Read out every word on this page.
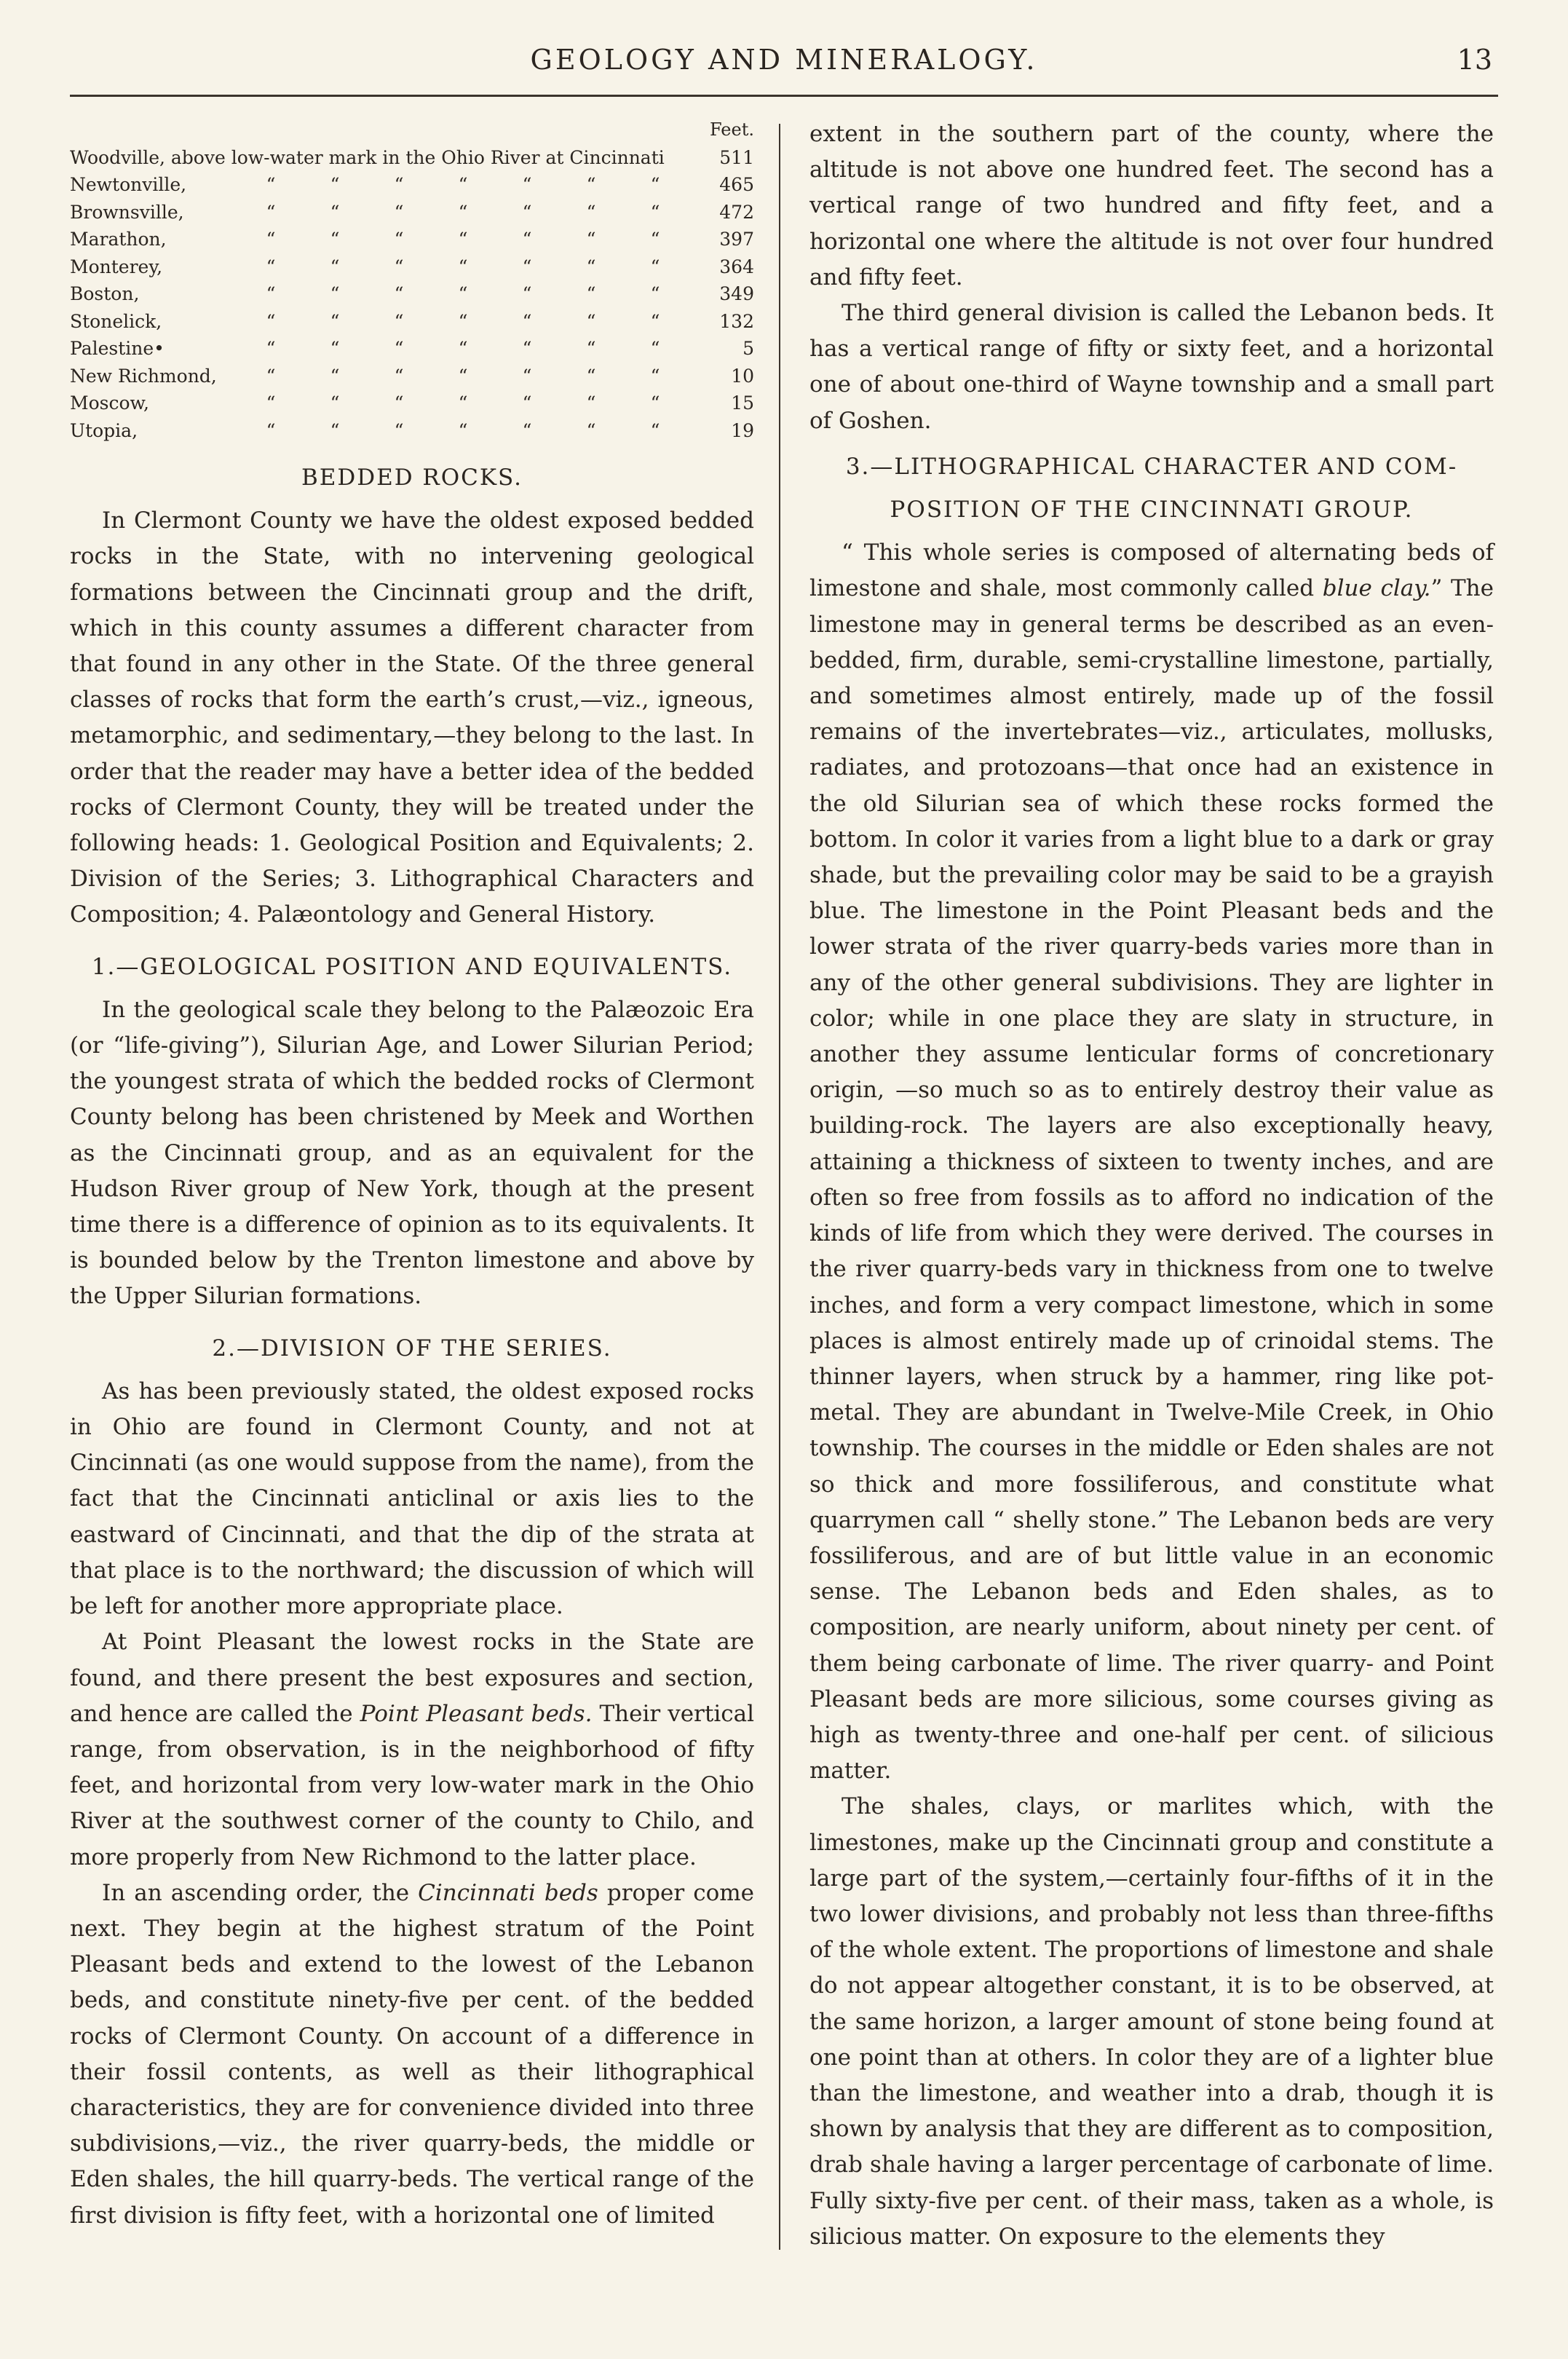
GEOLOGY AND MINERALOGY.	13
Feet.								
Woodville, above low-water mark in the Ohio River at Cincinnati								511
Newtonville,	“	“	“	“	“	“	“	465
Brownsville,	“	“	“	“	“	“	“	472
Marathon,	“	“	“	“	“	“	“	397
Monterey,	“	“	“	“	“	“	“	364
Boston,	“	“	“	“	“	“	“	349
Stonelick,	“	“	“	“	“	“	“	132
Palestine•	“	“	“	“	“	“	“	5
New Richmond,	“	“	“	“	“	“	“	10
Moscow,	“	“	“	“	“	“	“	15
Utopia,	“	“	“	“	“	“	“	19
BEDDED ROCKS.

In Clermont County we have the oldest exposed bedded rocks in the State, with no intervening geological formations between the Cincinnati group and the drift, which in this county assumes a different character from that found in any other in the State. Of the three general classes of rocks that form the earth’s crust,—viz., igneous, metamorphic, and sedimentary,—they belong to the last. In order that the reader may have a better idea of the bedded rocks of Clermont County, they will be treated under the following heads: 1. Geological Position and Equivalents; 2. Division of the Series; 3. Lithographical Characters and Composition; 4. Palæontology and General History.

1.—GEOLOGICAL POSITION AND EQUIVALENTS.

In the geological scale they belong to the Palæozoic Era (or “life-giving”), Silurian Age, and Lower Silurian Period; the youngest strata of which the bedded rocks of Clermont County belong has been christened by Meek and Worthen as the Cincinnati group, and as an equivalent for the Hudson River group of New York, though at the present time there is a difference of opinion as to its equivalents. It is bounded below by the Trenton limestone and above by the Upper Silurian formations.

2.—DIVISION OF THE SERIES.

As has been previously stated, the oldest exposed rocks in Ohio are found in Clermont County, and not at Cincinnati (as one would suppose from the name), from the fact that the Cincinnati anticlinal or axis lies to the eastward of Cincinnati, and that the dip of the strata at that place is to the northward; the discussion of which will be left for another more appropriate place.

At Point Pleasant the lowest rocks in the State are found, and there present the best exposures and section, and hence are called the Point Pleasant beds. Their vertical range, from observation, is in the neighborhood of fifty feet, and horizontal from very low-water mark in the Ohio River at the southwest corner of the county to Chilo, and more properly from New Richmond to the latter place.

In an ascending order, the Cincinnati beds proper come next. They begin at the highest stratum of the Point Pleasant beds and extend to the lowest of the Lebanon beds, and constitute ninety-five per cent. of the bedded rocks of Clermont County. On account of a difference in their fossil contents, as well as their lithographical characteristics, they are for convenience divided into three subdivisions,—viz., the river quarry-beds, the middle or Eden shales, the hill quarry-beds. The vertical range of the first division is fifty feet, with a horizontal one of limited

extent in the southern part of the county, where the altitude is not above one hundred feet. The second has a vertical range of two hundred and fifty feet, and a horizontal one where the altitude is not over four hundred and fifty feet.

The third general division is called the Lebanon beds. It has a vertical range of fifty or sixty feet, and a horizontal one of about one-third of Wayne township and a small part of Goshen.

3.—LITHOGRAPHICAL CHARACTER AND COM-
POSITION OF THE CINCINNATI GROUP.

“ This whole series is composed of alternating beds of limestone and shale, most commonly called blue clay.” The limestone may in general terms be described as an even-bedded, firm, durable, semi-crystalline limestone, partially, and sometimes almost entirely, made up of the fossil remains of the invertebrates—viz., articulates, mollusks, radiates, and protozoans—that once had an existence in the old Silurian sea of which these rocks formed the bottom. In color it varies from a light blue to a dark or gray shade, but the prevailing color may be said to be a grayish blue. The limestone in the Point Pleasant beds and the lower strata of the river quarry-beds varies more than in any of the other general subdivisions. They are lighter in color; while in one place they are slaty in structure, in another they assume lenticular forms of concretionary origin, —so much so as to entirely destroy their value as building-rock. The layers are also exceptionally heavy, attaining a thickness of sixteen to twenty inches, and are often so free from fossils as to afford no indication of the kinds of life from which they were derived. The courses in the river quarry-beds vary in thickness from one to twelve inches, and form a very compact limestone, which in some places is almost entirely made up of crinoidal stems. The thinner layers, when struck by a hammer, ring like pot-metal. They are abundant in Twelve-Mile Creek, in Ohio township. The courses in the middle or Eden shales are not so thick and more fossiliferous, and constitute what quarrymen call “ shelly stone.” The Lebanon beds are very fossiliferous, and are of but little value in an economic sense. The Lebanon beds and Eden shales, as to composition, are nearly uniform, about ninety per cent. of them being carbonate of lime. The river quarry- and Point Pleasant beds are more silicious, some courses giving as high as twenty-three and one-half per cent. of silicious matter.

The shales, clays, or marlites which, with the limestones, make up the Cincinnati group and constitute a large part of the system,—certainly four-fifths of it in the two lower divisions, and probably not less than three-fifths of the whole extent. The proportions of limestone and shale do not appear altogether constant, it is to be observed, at the same horizon, a larger amount of stone being found at one point than at others. In color they are of a lighter blue than the limestone, and weather into a drab, though it is shown by analysis that they are different as to composition, drab shale having a larger percentage of carbonate of lime. Fully sixty-five per cent. of their mass, taken as a whole, is silicious matter. On exposure to the elements they
